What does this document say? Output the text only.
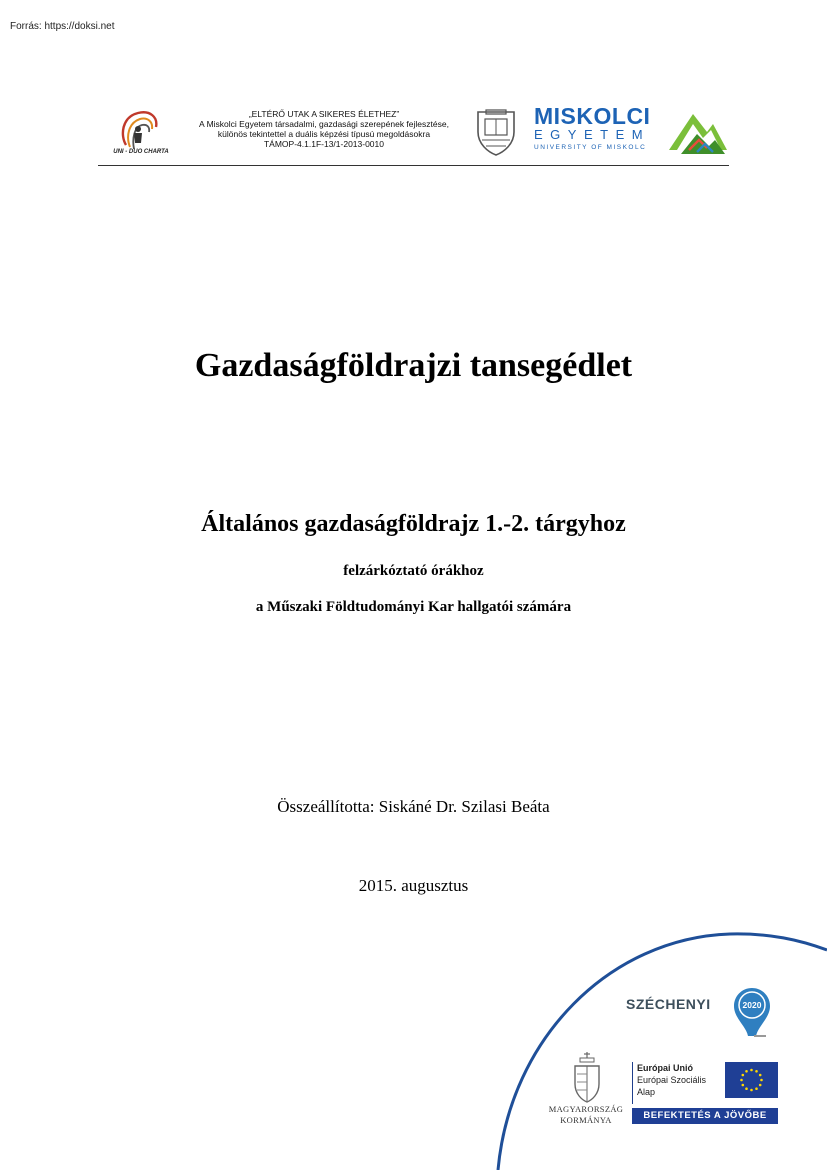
Forrás: https://doksi.net
UNI - DUO CHARTA
„ELTÉRŐ UTAK A SIKERES ÉLETHEZ”
A Miskolci Egyetem társadalmi, gazdasági szerepének fejlesztése,
különös tekintettel a duális képzési típusú megoldásokra
TÁMOP-4.1.1F-13/1-2013-0010
MISKOLCI
EGYETEM
UNIVERSITY OF MISKOLC
Gazdaságföldrajzi tansegédlet
Általános gazdaságföldrajz 1.-2. tárgyhoz
felzárkóztató órákhoz
a Műszaki Földtudományi Kar hallgatói számára
Összeállította: Siskáné Dr. Szilasi Beáta
2015. augusztus
SZÉCHENYI	2020
MAGYARORSZÁG
KORMÁNYA
Európai Unió
Európai Szociális
Alap
BEFEKTETÉS A JÖVŐBE
